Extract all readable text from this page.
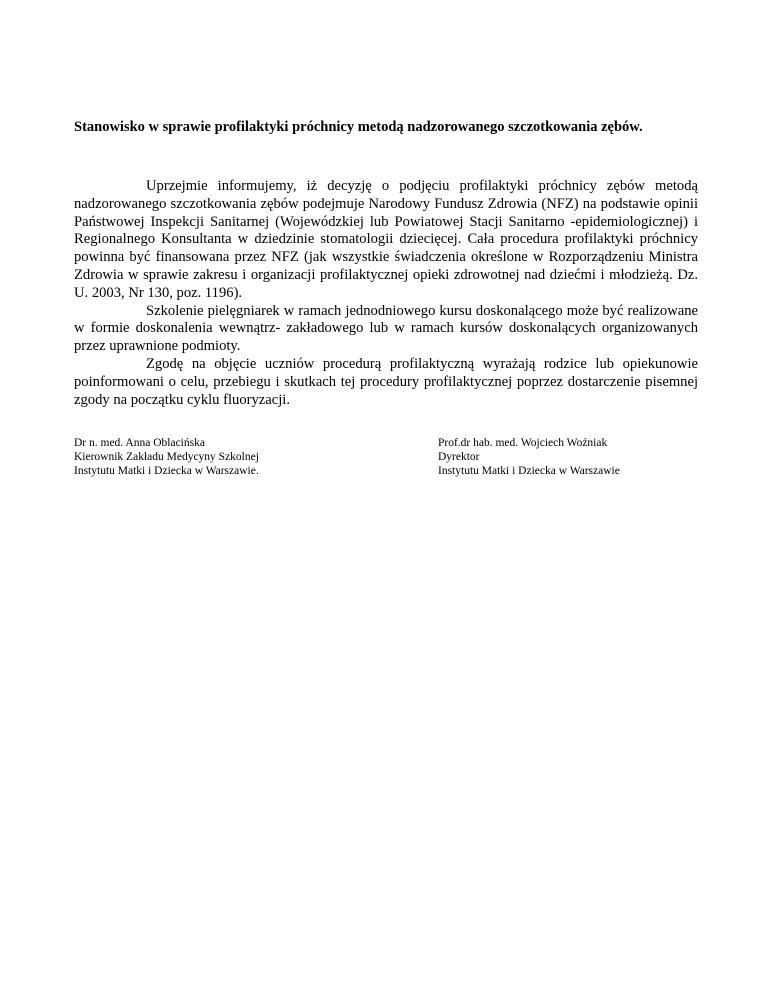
Stanowisko w sprawie profilaktyki próchnicy metodą nadzorowanego szczotkowania zębów.

Uprzejmie informujemy, iż decyzję o podjęciu profilaktyki próchnicy zębów metodą nadzorowanego szczotkowania zębów podejmuje Narodowy Fundusz Zdrowia (NFZ) na podstawie opinii Państwowej Inspekcji Sanitarnej (Wojewódzkiej lub Powiatowej Stacji Sanitarno -epidemiologicznej) i Regionalnego Konsultanta w dziedzinie stomatologii dziecięcej. Cała procedura profilaktyki próchnicy powinna być finansowana przez NFZ (jak wszystkie świadczenia określone w Rozporządzeniu Ministra Zdrowia w sprawie zakresu i organizacji profilaktycznej opieki zdrowotnej nad dziećmi i młodzieżą. Dz. U. 2003, Nr 130, poz. 1196).

Szkolenie pielęgniarek w ramach jednodniowego kursu doskonalącego może być realizowane w formie doskonalenia wewnątrz- zakładowego lub w ramach kursów doskonalących organizowanych przez uprawnione podmioty.

Zgodę na objęcie uczniów procedurą profilaktyczną wyrażają rodzice lub opiekunowie poinformowani o celu, przebiegu i skutkach tej procedury profilaktycznej poprzez dostarczenie pisemnej zgody na początku cyklu fluoryzacji.

Dr n. med. Anna Oblacińska
Kierownik Zakładu Medycyny Szkolnej
Instytutu Matki i Dziecka w Warszawie.
Prof.dr hab. med. Wojciech Woźniak
Dyrektor
Instytutu Matki i Dziecka w Warszawie
